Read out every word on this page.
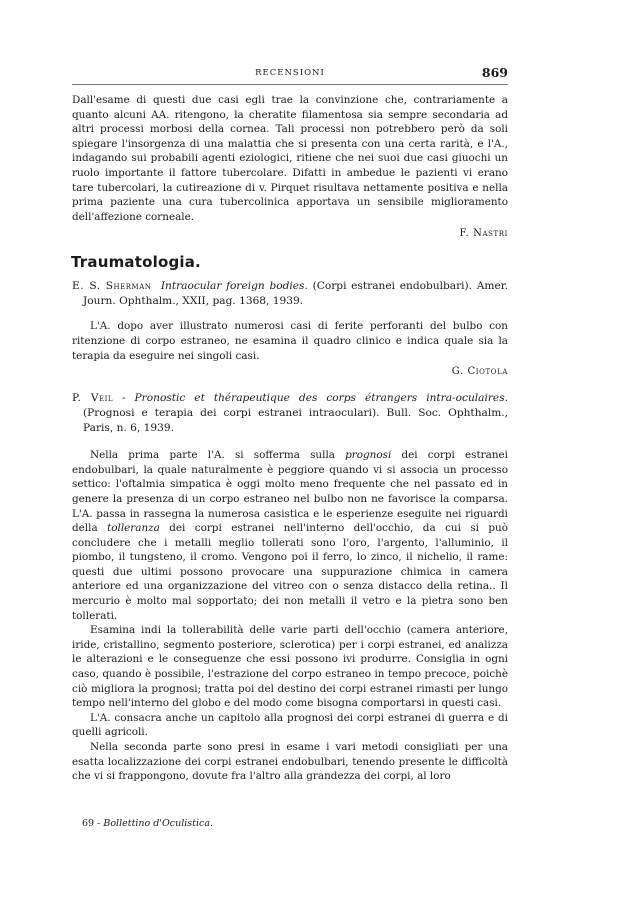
RECENSIONI	869

Dall'esame di questi due casi egli trae la convinzione che, contrariamente a quanto alcuni AA. ritengono, la cheratite filamentosa sia sempre secondaria ad altri processi morbosi della cornea. Tali processi non potrebbero però da soli spiegare l'insorgenza di una malattia che si presenta con una certa rarità, e l'A., indagando sui probabili agenti eziologici, ritiene che nei suoi due casi giuochi un ruolo importante il fattore tubercolare. Difatti in ambedue le pazienti vi erano tare tubercolari, la cutireazione di v. Pirquet risultava nettamente positiva e nella prima paziente una cura tubercolinica apportava un sensibile miglioramento dell'affezione corneale.

F. Nastri

Traumatologia.

E. S. Sherman Intraocular foreign bodies. (Corpi estranei endobulbari). Amer. Journ. Ophthalm., XXII, pag. 1368, 1939.

L'A. dopo aver illustrato numerosi casi di ferite perforanti del bulbo con ritenzione di corpo estraneo, ne esamina il quadro clinico e indica quale sia la terapia da eseguire nei singoli casi.

G. Ciotola

P. Veil - Pronostic et thérapeutique des corps étrangers intra-oculaires. (Prognosi e terapia dei corpi estranei intraoculari). Bull. Soc. Ophthalm., Paris, n. 6, 1939.

Nella prima parte l'A. si sofferma sulla prognosi dei corpi estranei endobulbari, la quale naturalmente è peggiore quando vi si associa un processo settico: l'oftalmia simpatica è oggi molto meno frequente che nel passato ed in genere la presenza di un corpo estraneo nel bulbo non ne favorisce la comparsa. L'A. passa in rassegna la numerosa casistica e le esperienze eseguite nei riguardi della tolleranza dei corpi estranei nell'interno dell'occhio, da cui si può concludere che i metalli meglio tollerati sono l'oro, l'argento, l'alluminio, il piombo, il tungsteno, il cromo. Vengono poi il ferro, lo zinco, il nichelio, il rame: questi due ultimi possono provocare una suppurazione chimica in camera anteriore ed una organizzazione del vitreo con o senza distacco della retina.. Il mercurio è molto mal sopportato; dei non metalli il vetro e la pietra sono ben tollerati.

Esamina indi la tollerabilità delle varie parti dell'occhio (camera anteriore, iride, cristallino, segmento posteriore, sclerotica) per i corpi estranei, ed analizza le alterazioni e le conseguenze che essi possono ivi produrre. Consiglia in ogni caso, quando è possibile, l'estrazione del corpo estraneo in tempo precoce, poichè ciò migliora la prognosi; tratta poi del destino dei corpi estranei rimasti per lungo tempo nell'interno del globo e del modo come bisogna comportarsi in questi casi.

L'A. consacra anche un capitolo alla prognosi dei corpi estranei di guerra e di quelli agricoli.

Nella seconda parte sono presi in esame i vari metodi consigliati per una esatta localizzazione dei corpi estranei endobulbari, tenendo presente le difficoltà che vi si frappongono, dovute fra l'altro alla grandezza dei corpi, al loro

69 - Bollettino d'Oculistica.
